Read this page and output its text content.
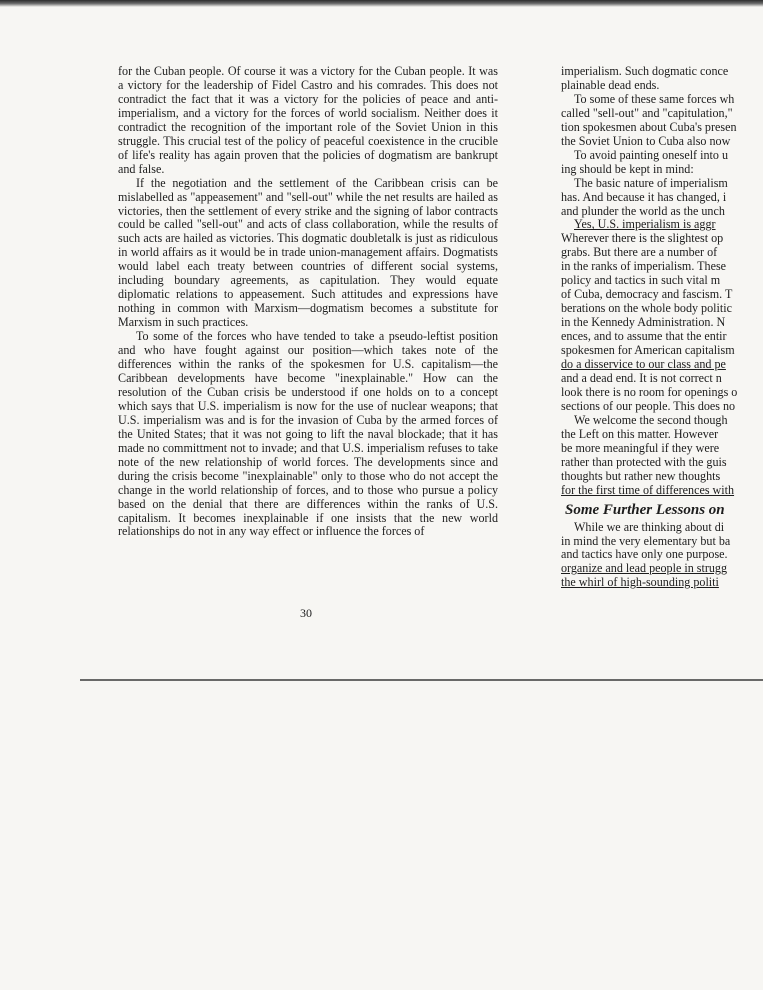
for the Cuban people. Of course it was a victory for the Cuban people. It was a victory for the leadership of Fidel Castro and his comrades. This does not contradict the fact that it was a victory for the policies of peace and anti-imperialism, and a victory for the forces of world socialism. Neither does it contradict the recognition of the important role of the Soviet Union in this struggle. This crucial test of the policy of peaceful coexistence in the crucible of life's reality has again proven that the policies of dogmatism are bankrupt and false.

If the negotiation and the settlement of the Caribbean crisis can be mislabelled as "appeasement" and "sell-out" while the net results are hailed as victories, then the settlement of every strike and the signing of labor contracts could be called "sell-out" and acts of class collaboration, while the results of such acts are hailed as victories. This dogmatic doubletalk is just as ridiculous in world affairs as it would be in trade union-management affairs. Dogmatists would label each treaty between countries of different social systems, including boundary agreements, as capitulation. They would equate diplomatic relations to appeasement. Such attitudes and expressions have nothing in common with Marxism—dogmatism becomes a substitute for Marxism in such practices.

To some of the forces who have tended to take a pseudo-leftist position and who have fought against our position—which takes note of the differences within the ranks of the spokesmen for U.S. capitalism—the Caribbean developments have become "inexplainable." How can the resolution of the Cuban crisis be understood if one holds on to a concept which says that U.S. imperialism is now for the use of nuclear weapons; that U.S. imperialism was and is for the invasion of Cuba by the armed forces of the United States; that it was not going to lift the naval blockade; that it has made no committment not to invade; and that U.S. imperialism refuses to take note of the new relationship of world forces. The developments since and during the crisis become "inexplainable" only to those who do not accept the change in the world relationship of forces, and to those who pursue a policy based on the denial that there are differences within the ranks of U.S. capitalism. It becomes inexplainable if one insists that the new world relationships do not in any way effect or influence the forces of

30
imperialism. Such dogmatic conce
plainable dead ends.
To some of these same forces wh
called "sell-out" and "capitulation,"
tion spokesmen about Cuba's presen
the Soviet Union to Cuba also now
To avoid painting oneself into u
ing should be kept in mind:
The basic nature of imperialism
has. And because it has changed, i
and plunder the world as the unch
Yes, U.S. imperialism is aggr
Wherever there is the slightest op
grabs. But there are a number of
in the ranks of imperialism. These
policy and tactics in such vital m
of Cuba, democracy and fascism. T
berations on the whole body politic
in the Kennedy Administration. N
ences, and to assume that the entir
spokesmen for American capitalism
do a disservice to our class and pe
and a dead end. It is not correct n
look there is no room for openings o
sections of our people. This does no
We welcome the second though
the Left on this matter. However
be more meaningful if they were
rather than protected with the guis
thoughts but rather new thoughts
for the first time of differences with
Some Further Lessons on
While we are thinking about di
in mind the very elementary but ba
and tactics have only one purpose.
organize and lead people in strugg
the whirl of high-sounding politi
